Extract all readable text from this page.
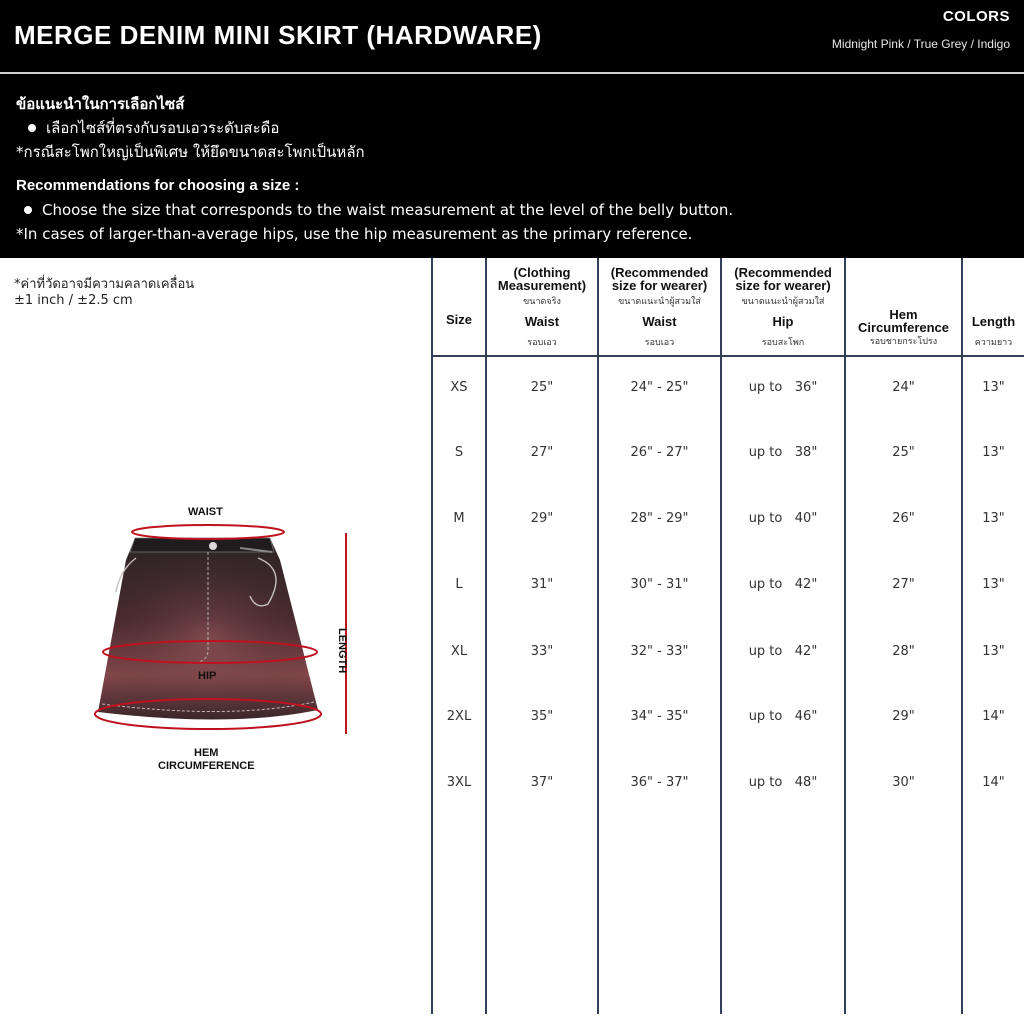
MERGE DENIM MINI SKIRT (HARDWARE)
COLORS
Midnight Pink / True Grey / Indigo
ข้อแนะนำในการเลือกไซส์
เลือกไซส์ที่ตรงกับรอบเอวระดับสะดือ
*กรณีสะโพกใหญ่เป็นพิเศษ ให้ยึดขนาดสะโพกเป็นหลัก
Recommendations for choosing a size :
Choose the size that corresponds to the waist measurement at the level of the belly button.
*In cases of larger-than-average hips, use the hip measurement as the primary reference.
*ค่าที่วัดอาจมีความคลาดเคลื่อน
±1 inch / ±2.5 cm
WAIST
HIP
LENGTH
HEM
CIRCUMFERENCE
Size
(Clothing
Measurement)
ขนาดจริง
Waist
รอบเอว
(Recommended
size for wearer)
ขนาดแนะนำผู้สวมใส่
Waist
รอบเอว
(Recommended
size for wearer)
ขนาดแนะนำผู้สวมใส่
Hip
รอบสะโพก
Hem
Circumference
รอบชายกระโปรง
Length
ความยาว
XS	25"	24" - 25"	up to 36"	24"	13"
S	27"	26" - 27"	up to 38"	25"	13"
M	29"	28" - 29"	up to 40"	26"	13"
L	31"	30" - 31"	up to 42"	27"	13"
XL	33"	32" - 33"	up to 42"	28"	13"
2XL	35"	34" - 35"	up to 46"	29"	14"
3XL	37"	36" - 37"	up to 48"	30"	14"
